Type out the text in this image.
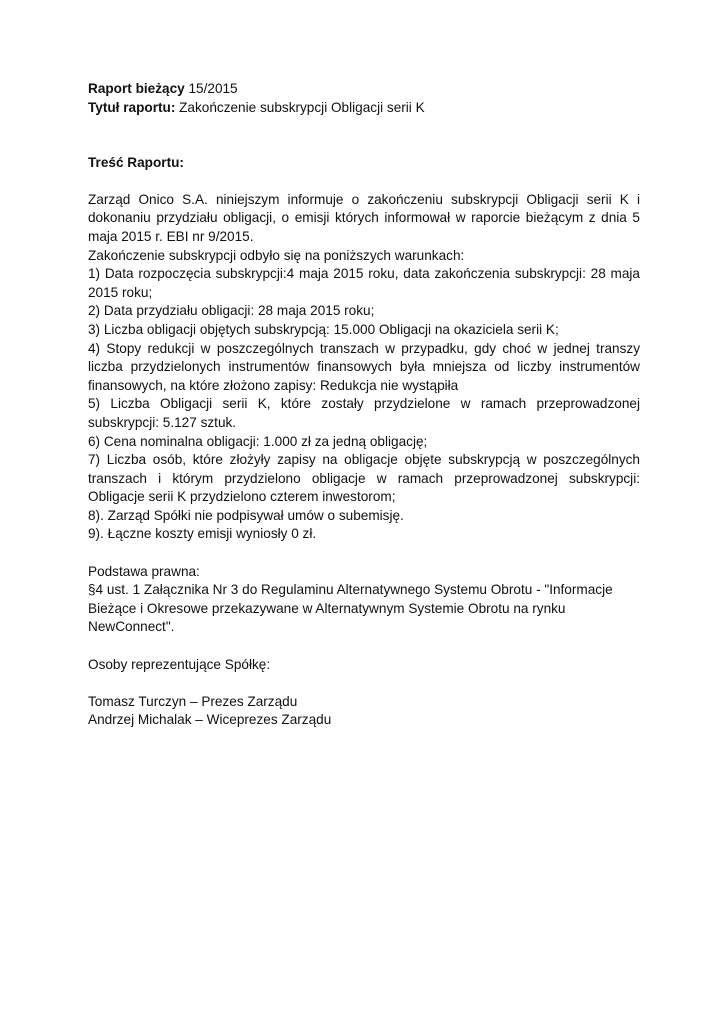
Raport bieżący 15/2015

Tytuł raportu: Zakończenie subskrypcji Obligacji serii K

Treść Raportu:

Zarząd Onico S.A. niniejszym informuje o zakończeniu subskrypcji Obligacji serii K i dokonaniu przydziału obligacji, o emisji których informował w raporcie bieżącym z dnia 5 maja 2015 r. EBI nr 9/2015.

Zakończenie subskrypcji odbyło się na poniższych warunkach:

1) Data rozpoczęcia subskrypcji:4 maja 2015 roku, data zakończenia subskrypcji: 28 maja 2015 roku;

2) Data przydziału obligacji: 28 maja 2015 roku;

3) Liczba obligacji objętych subskrypcją: 15.000 Obligacji na okaziciela serii K;

4) Stopy redukcji w poszczególnych transzach w przypadku, gdy choć w jednej transzy liczba przydzielonych instrumentów finansowych była mniejsza od liczby instrumentów finansowych, na które złożono zapisy: Redukcja nie wystąpiła

5) Liczba Obligacji serii K, które zostały przydzielone w ramach przeprowadzonej subskrypcji: 5.127 sztuk.

6) Cena nominalna obligacji: 1.000 zł za jedną obligację;

7) Liczba osób, które złożyły zapisy na obligacje objęte subskrypcją w poszczególnych transzach i którym przydzielono obligacje w ramach przeprowadzonej subskrypcji: Obligacje serii K przydzielono czterem inwestorom;

8). Zarząd Spółki nie podpisywał umów o subemisję.

9). Łączne koszty emisji wyniosły 0 zł.

Podstawa prawna:

§4 ust. 1 Załącznika Nr 3 do Regulaminu Alternatywnego Systemu Obrotu - "Informacje Bieżące i Okresowe przekazywane w Alternatywnym Systemie Obrotu na rynku NewConnect".

Osoby reprezentujące Spółkę:

Tomasz Turczyn – Prezes Zarządu

Andrzej Michalak – Wiceprezes Zarządu
